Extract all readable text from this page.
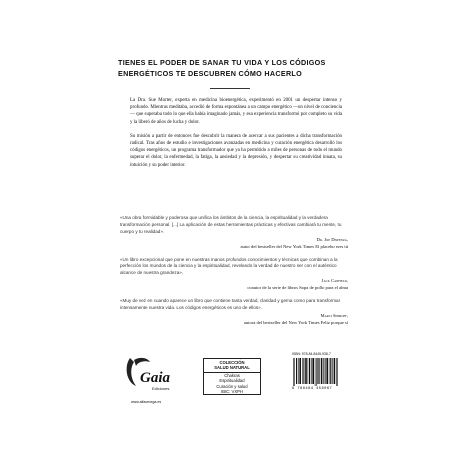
TIENES EL PODER DE SANAR TU VIDA Y LOS CÓDIGOS
ENERGÉTICOS TE DESCUBREN CÓMO HACERLO

La Dra. Sue Morter, experta en medicina bioenergética, experimentó en 2001 un despertar intenso y profundo. Mientras meditaba, accedió de forma espontánea a un campo energético —un nivel de conciencia— que superaba todo lo que ella había imaginado jamás, y esa experiencia transformó por completo su vida y la liberó de años de lucha y dolor.

Su misión a partir de entonces fue descubrir la manera de acercar a sus pacientes a dicha transformación radical. Tras años de estudio e investigaciones avanzadas en medicina y curación energética desarrolló los códigos energéticos, un programa transformador que ya ha permitido a miles de personas de todo el mundo superar el dolor, la enfermedad, la fatiga, la ansiedad y la depresión, y despertar su creatividad innata, su intuición y su poder interior.

«Una obra formidable y poderosa que unifica los ámbitos de la ciencia, la espiritualidad y la verdadera transformación personal. [...] La aplicación de estas herramientas prácticas y efectivas cambiará tu mente, tu cuerpo y tu realidad».
Dr. Joe Dispenza,
autor del bestseller del New York Times El placebo eres tú
«Un libro excepcional que pone en nuestras manos profundos conocimientos y técnicas que combinan a la perfección los mundos de la ciencia y la espiritualidad, revelando la verdad de nuestro ser con el auténtico alcance de nuestra grandeza».
Jack Canfield,
coautor de la serie de libros Sopa de pollo para el alma
«Muy de vez en cuando aparece un libro que contiene tanta verdad, claridad y gema como para transformar intensamente nuestra vida. Los códigos energéticos es uno de ellos».
Marci Shimoff,
autora del bestseller del New York Times Feliz porque sí
Gaia
Ediciones
www.alfaomega.es
COLECCIÓN
SALUD NATURAL
Chakras
Espiritualidad
Curación y salud
IBIC: VXPH
ISBN: 978-84-8445-938-7
9 788484 458067
